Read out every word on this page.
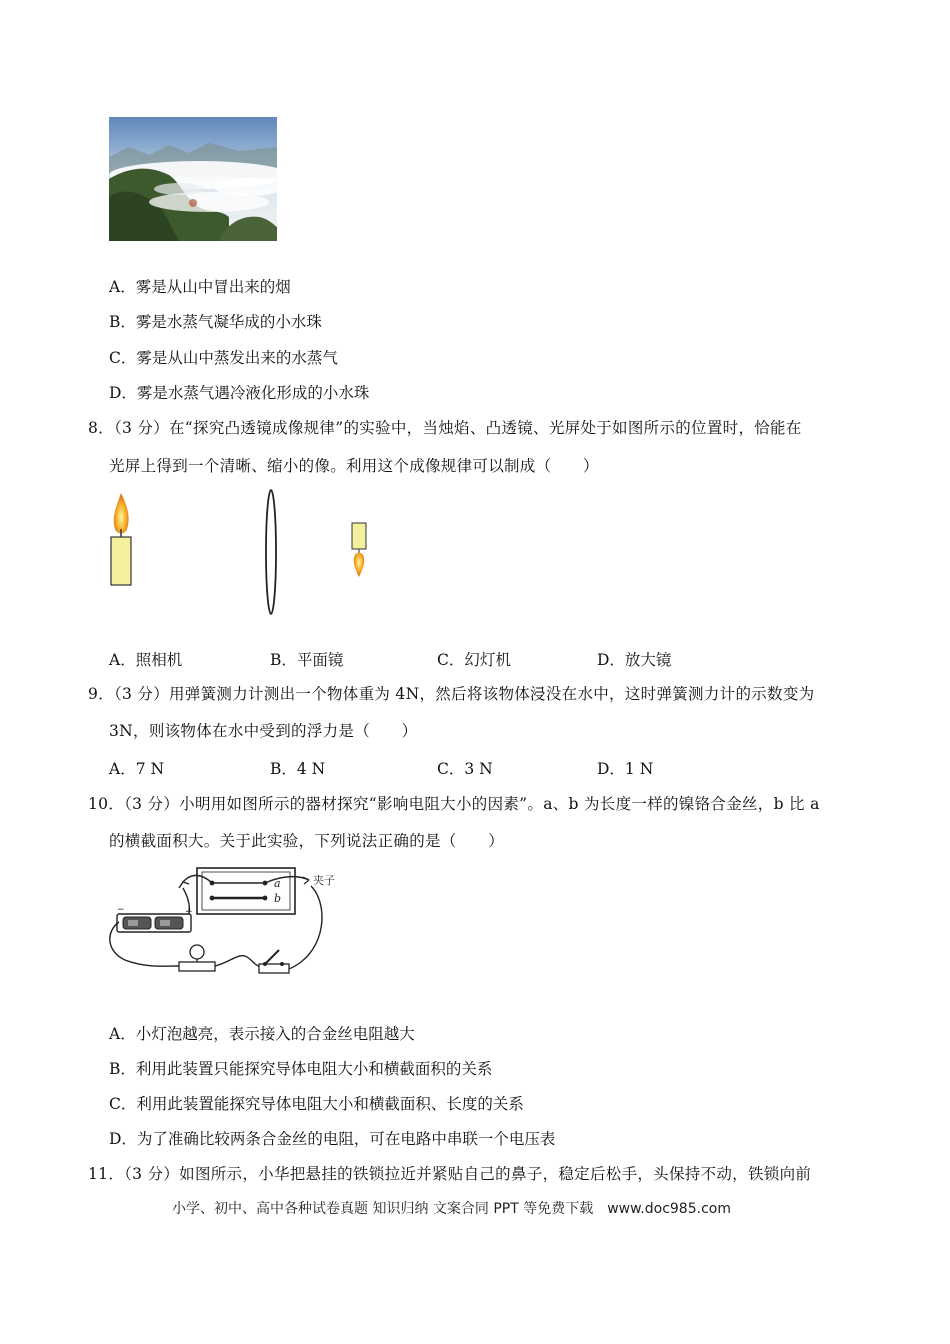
A．雾是从山中冒出来的烟
B．雾是水蒸气凝华成的小水珠
C．雾是从山中蒸发出来的水蒸气
D．雾是水蒸气遇冷液化形成的小水珠
8．（3 分）在“探究凸透镜成像规律”的实验中，当烛焰、凸透镜、光屏处于如图所示的位置时，恰能在
光屏上得到一个清晰、缩小的像。利用这个成像规律可以制成（　　）
A．照相机	B．平面镜	C．幻灯机	D．放大镜
9．（3 分）用弹簧测力计测出一个物体重为 4N，然后将该物体浸没在水中，这时弹簧测力计的示数变为
3N，则该物体在水中受到的浮力是（　　）
A．7 N	B．4 N	C．3 N	D．1 N
10．（3 分）小明用如图所示的器材探究“影响电阻大小的因素”。a、b 为长度一样的镍铬合金丝，b 比 a
的横截面积大。关于此实验，下列说法正确的是（　　）
a
b
夹子
−	+
A．小灯泡越亮，表示接入的合金丝电阻越大
B．利用此装置只能探究导体电阻大小和横截面积的关系
C．利用此装置能探究导体电阻大小和横截面积、长度的关系
D．为了准确比较两条合金丝的电阻，可在电路中串联一个电压表
11．（3 分）如图所示，小华把悬挂的铁锁拉近并紧贴自己的鼻子，稳定后松手，头保持不动，铁锁向前
小学、初中、高中各种试卷真题 知识归纳 文案合同 PPT 等免费下载　www.doc985.com
